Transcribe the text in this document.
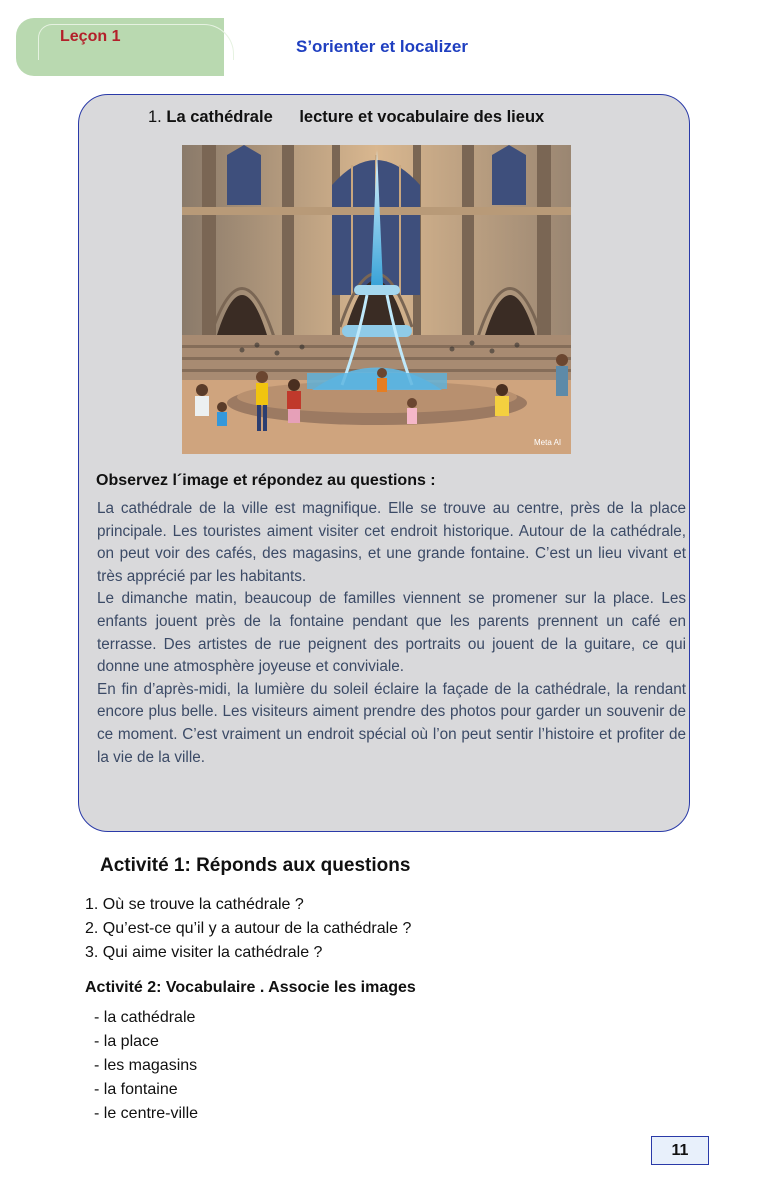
Leçon 1
S’orienter et localizer
1. La cathédrale lecture et vocabulaire des lieux
Meta AI
Observez l´image et répondez au questions :

La cathédrale de la ville est magnifique. Elle se trouve au centre, près de la place principale. Les touristes aiment visiter cet endroit historique. Autour de la cathédrale, on peut voir des cafés, des magasins, et une grande fontaine. C’est un lieu vivant et très apprécié par les habitants.

Le dimanche matin, beaucoup de familles viennent se promener sur la place. Les enfants jouent près de la fontaine pendant que les parents prennent un café en terrasse. Des artistes de rue peignent des portraits ou jouent de la guitare, ce qui donne une atmosphère joyeuse et conviviale.

En fin d’après-midi, la lumière du soleil éclaire la façade de la cathédrale, la rendant encore plus belle. Les visiteurs aiment prendre des photos pour garder un souvenir de ce moment. C’est vraiment un endroit spécial où l’on peut sentir l’histoire et profiter de la vie de la ville.

Activité 1: Réponds aux questions
1. Où se trouve la cathédrale ?
2. Qu’est-ce qu’il y a autour de la cathédrale ?
3. Qui aime visiter la cathédrale ?
Activité 2: Vocabulaire . Associe les images
- la cathédrale
- la place
- les magasins
- la fontaine
- le centre-ville
11
